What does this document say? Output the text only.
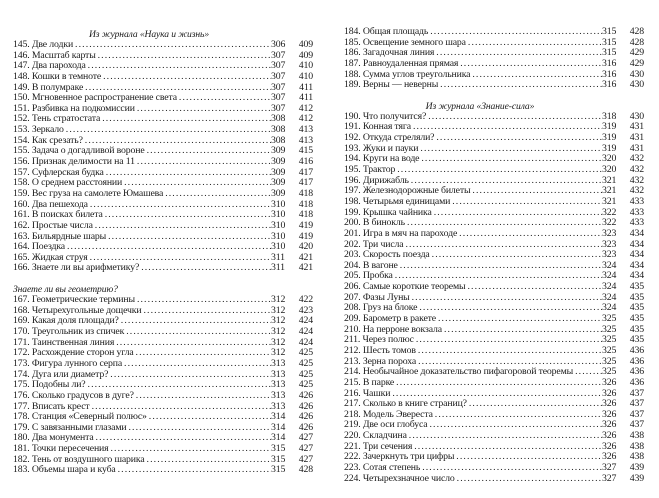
Из журнала «Наука и жизнь»
145. Две лодки .....	306	409
146. Масштаб карты .....	307	409
147. Два парохода .....	307	410
148. Кошки в темноте .....	307	410
149. В полумраке .....	307	411
150. Мгновенное распространение света .....	307	411
151. Разбивка на подкомиссии .....	307	412
152. Тень стратостата .....	308	412
153. Зеркало .....	308	413
154. Как срезать? .....	308	413
155. Задача о догадливой вороне .....	309	415
156. Признак делимости на 11 .....	309	416
157. Суфлерская будка .....	309	417
158. О среднем расстоянии .....	309	417
159. Вес груза на самолете Юмашева .....	309	418
160. Два пешехода .....	310	418
161. В поисках билета .....	310	418
162. Простые числа .....	310	419
163. Бильярдные шары .....	310	419
164. Поездка .....	310	420
165. Жидкая струя .....	311	421
166. Знаете ли вы арифметику? .....	311	421
Знаете ли вы геометрию?
167. Геометрические термины .....	312	422
168. Четырехугольные дощечки .....	312	423
169. Какая доля площади? .....	312	424
170. Треугольник из спичек .....	312	424
171. Таинственная линия .....	312	424
172. Расхождение сторон угла .....	312	425
173. Фигура лунного серпа .....	313	425
174. Дуга или диаметр? .....	313	425
175. Подобны ли? .....	313	425
176. Сколько градусов в дуге? .....	313	426
177. Вписать крест .....	313	426
178. Станция «Северный полюс» .....	314	426
179. С завязанными глазами .....	314	426
180. Два монумента .....	314	427
181. Точки пересечения .....	315	427
182. Тень от воздушного шарика .....	315	427
183. Объемы шара и куба .....	315	428
184. Общая площадь .....	315	428
185. Освещение земного шара .....	315	428
186. Загадочная линия .....	315	429
187. Равноудаленная прямая .....	316	429
188. Сумма углов треугольника .....	316	430
189. Верны — неверны .....	316	430
Из журнала «Знание-сила»
190. Что получится? .....	318	430
191. Конная тяга .....	319	431
192. Откуда стреляли? .....	319	431
193. Жуки и пауки .....	319	431
194. Круги на воде .....	320	432
195. Трактор .....	320	432
196. Дирижабль .....	321	432
197. Железнодорожные билеты .....	321	432
198. Четырьмя единицами .....	321	433
199. Крышка чайника .....	322	433
200. В бинокль .....	322	433
201. Игра в мяч на пароходе .....	323	434
202. Три числа .....	323	434
203. Скорость поезда .....	323	434
204. В вагоне .....	324	434
205. Пробка .....	324	434
206. Самые короткие теоремы .....	324	435
207. Фазы Луны .....	324	435
208. Груз на блоке .....	324	435
209. Барометр в ракете .....	325	435
210. На перроне вокзала .....	325	435
211. Через полюс .....	325	435
212. Шесть томов .....	325	436
213. Зерна пороха .....	325	436
214. Необычайное доказательство пифагоровой теоремы .....	325	436
215. В парке .....	326	436
216. Чашки .....	326	437
217. Сколько в книге страниц? .....	326	437
218. Модель Эвереста .....	326	437
219. Две оси глобуса .....	326	437
220. Складчина .....	326	438
221. Три сечения .....	326	438
222. Зачеркнуть три цифры .....	326	438
223. Сотая степень .....	327	439
224. Четырехзначное число .....	327	439
